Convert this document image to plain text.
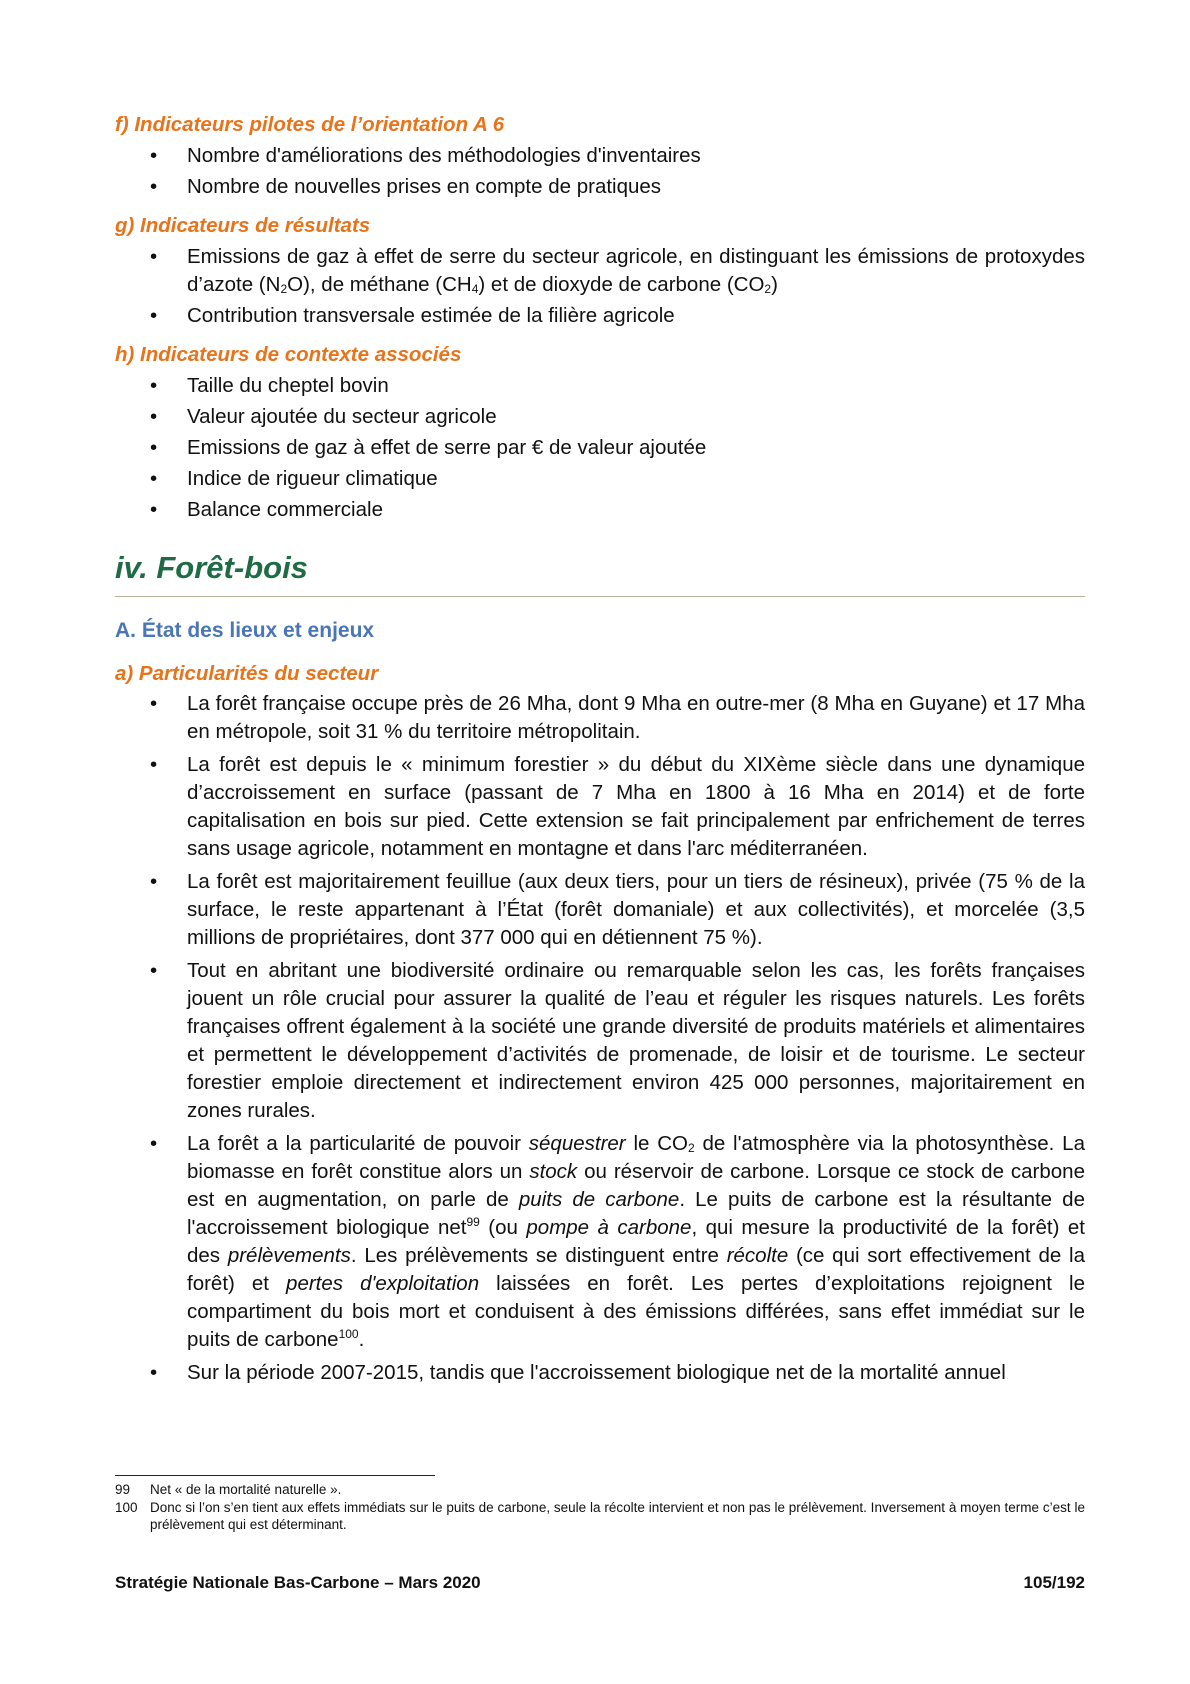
f) Indicateurs pilotes de l’orientation A 6

•	Nombre d'améliorations des méthodologies d'inventaires
•	Nombre de nouvelles prises en compte de pratiques

g) Indicateurs de résultats

•	Emissions de gaz à effet de serre du secteur agricole, en distinguant les émissions de protoxydes d’azote $(N_2O)$, de méthane $(CH_4)$ et de dioxyde de carbone $(CO_2)$
•	Contribution transversale estimée de la filière agricole

h) Indicateurs de contexte associés

•	Taille du cheptel bovin
•	Valeur ajoutée du secteur agricole
•	Emissions de gaz à effet de serre par € de valeur ajoutée
•	Indice de rigueur climatique
•	Balance commerciale

iv. Forêt-bois

A. État des lieux et enjeux

a) Particularités du secteur

•	La forêt française occupe près de 26 Mha, dont 9 Mha en outre-mer (8 Mha en Guyane) et 17 Mha en métropole, soit 31 % du territoire métropolitain.
•	La forêt est depuis le « minimum forestier » du début du XIXème siècle dans une dynamique d’accroissement en surface (passant de 7 Mha en 1800 à 16 Mha en 2014) et de forte capitalisation en bois sur pied. Cette extension se fait principalement par enfrichement de terres sans usage agricole, notamment en montagne et dans l'arc méditerranéen.
•	La forêt est majoritairement feuillue (aux deux tiers, pour un tiers de résineux), privée (75 % de la surface, le reste appartenant à l’État (forêt domaniale) et aux collectivités), et morcelée (3,5 millions de propriétaires, dont 377 000 qui en détiennent 75 %).
•	Tout en abritant une biodiversité ordinaire ou remarquable selon les cas, les forêts françaises jouent un rôle crucial pour assurer la qualité de l’eau et réguler les risques naturels. Les forêts françaises offrent également à la société une grande diversité de produits matériels et alimentaires et permettent le développement d’activités de promenade, de loisir et de tourisme. Le secteur forestier emploie directement et indirectement environ 425 000 personnes, majoritairement en zones rurales.
•	La forêt a la particularité de pouvoir séquestrer le $CO_2$ de l'atmosphère via la photosynthèse. La biomasse en forêt constitue alors un stock ou réservoir de carbone. Lorsque ce stock de carbone est en augmentation, on parle de puits de carbone. Le puits de carbone est la résultante de l'accroissement biologique net$^{99}$ (ou pompe à carbone, qui mesure la productivité de la forêt) et des prélèvements. Les prélèvements se distinguent entre récolte (ce qui sort effectivement de la forêt) et pertes d'exploitation laissées en forêt. Les pertes d’exploitations rejoignent le compartiment du bois mort et conduisent à des émissions différées, sans effet immédiat sur le puits de carbone$^{100}$.
•	Sur la période 2007-2015, tandis que l'accroissement biologique net de la mortalité annuel
99	Net « de la mortalité naturelle ».
100 Donc si l’on s’en tient aux effets immédiats sur le puits de carbone, seule la récolte intervient et non pas le prélèvement. Inversement à moyen terme c’est le prélèvement qui est déterminant.
Stratégie Nationale Bas-Carbone – Mars 2020	105/192
